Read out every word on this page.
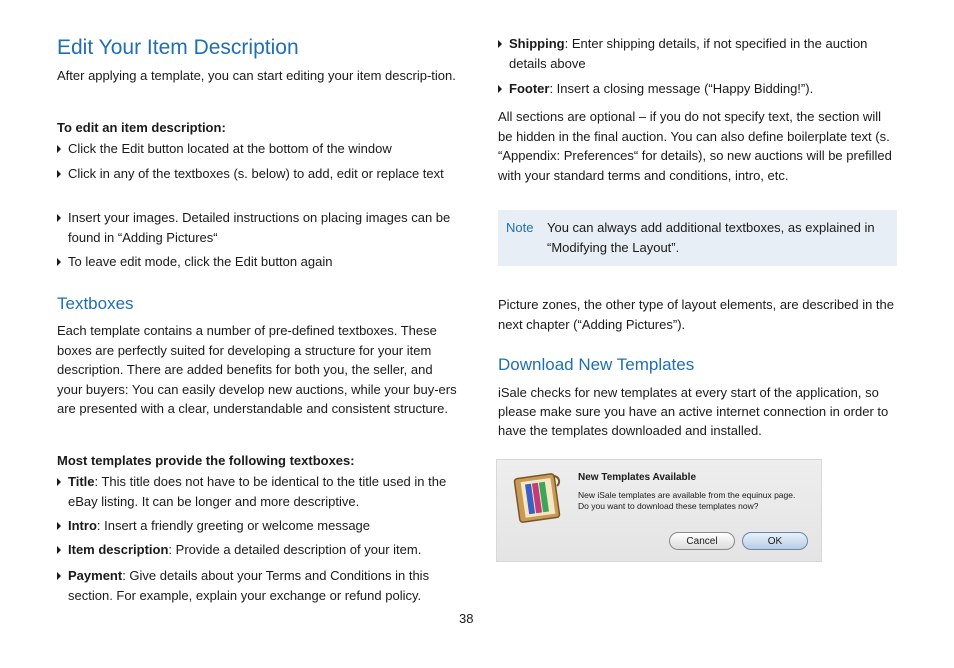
Edit Your Item Description

After applying a template, you can start editing your item descrip-tion.

To edit an item description:

Click the Edit button located at the bottom of the window
Click in any of the textboxes (s. below) to add, edit or replace text
Insert your images. Detailed instructions on placing images can be found in “Adding Pictures“
To leave edit mode, click the Edit button again
Textboxes

Each template contains a number of pre-defined textboxes. These boxes are perfectly suited for developing a structure for your item description. There are added benefits for both you, the seller, and your buyers: You can easily develop new auctions, while your buy-ers are presented with a clear, understandable and consistent structure.

Most templates provide the following textboxes:

Title: This title does not have to be identical to the title used in the eBay listing. It can be longer and more descriptive.
Intro: Insert a friendly greeting or welcome message
Item description: Provide a detailed description of your item.
Payment: Give details about your Terms and Conditions in this section. For example, explain your exchange or refund policy.
Shipping: Enter shipping details, if not specified in the auction details above
Footer: Insert a closing message (“Happy Bidding!”).

All sections are optional – if you do not specify text, the section will be hidden in the final auction. You can also define boilerplate text (s. “Appendix: Preferences“ for details), so new auctions will be prefilled with your standard terms and conditions, intro, etc.

Picture zones, the other type of layout elements, are described in the next chapter (“Adding Pictures”).

Download New Templates

iSale checks for new templates at every start of the application, so please make sure you have an active internet connection in order to have the templates downloaded and installed.

Note You can always add additional textboxes, as explained in “Modifying the Layout”.
New Templates Available
New iSale templates are available from the equinux page.
Do you want to download these templates now?
Cancel	OK
38
